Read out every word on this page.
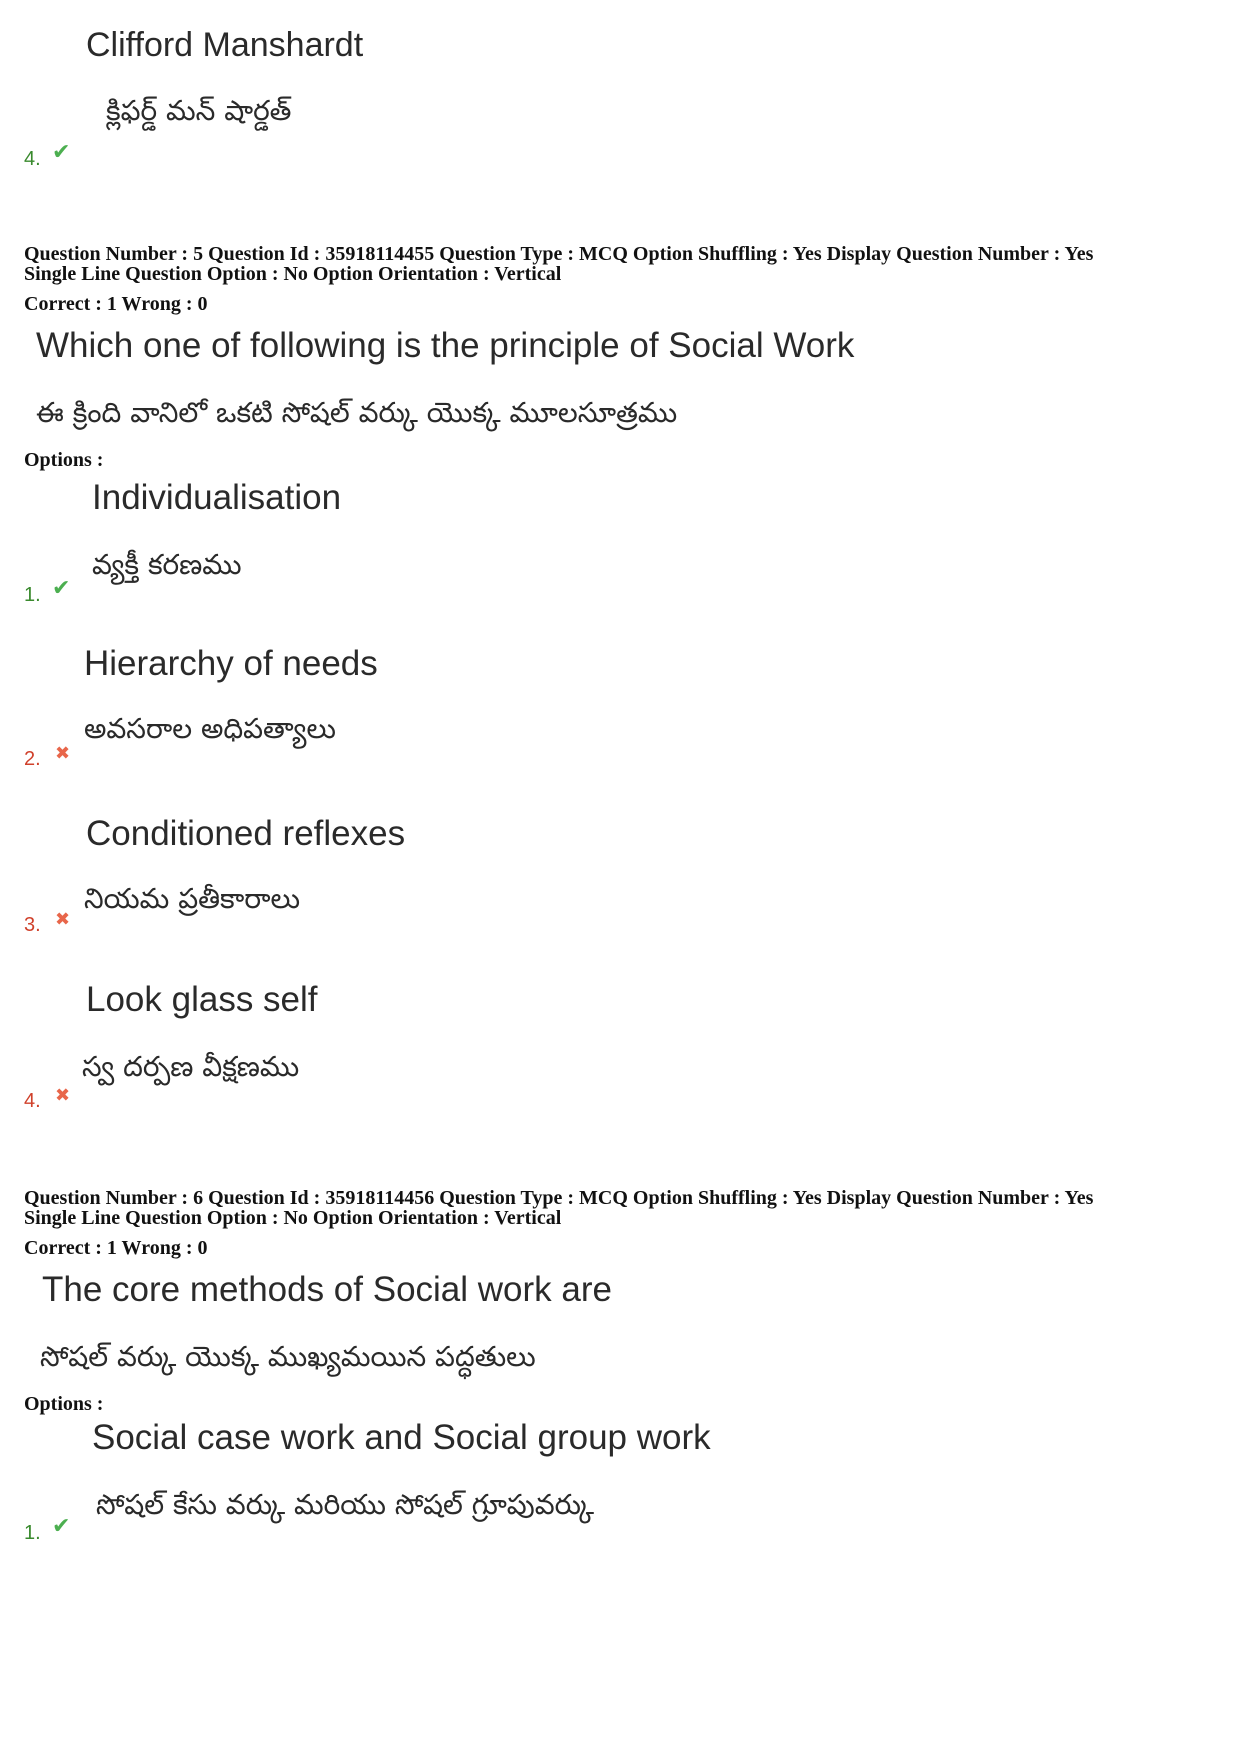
Clifford Manshardt
క్లిఫర్డ్ మన్ షార్డత్
4. ✔
Question Number : 5 Question Id : 35918114455 Question Type : MCQ Option Shuffling : Yes Display Question Number : Yes
Single Line Question Option : No Option Orientation : Vertical
Correct : 1 Wrong : 0
Which one of following is the principle of Social Work
ఈ క్రింది వానిలో ఒకటి సోషల్ వర్కు యొక్క మూలసూత్రము
Options :
Individualisation
వ్యక్తీ కరణము
1. ✔
Hierarchy of needs
అవసరాల అధిపత్యాలు
2. ✖
Conditioned reflexes
నియమ ప్రతీకారాలు
3. ✖
Look glass self
స్వ దర్పణ వీక్షణము
4. ✖
Question Number : 6 Question Id : 35918114456 Question Type : MCQ Option Shuffling : Yes Display Question Number : Yes
Single Line Question Option : No Option Orientation : Vertical
Correct : 1 Wrong : 0
The core methods of Social work are
సోషల్ వర్కు యొక్క ముఖ్యమయిన పద్ధతులు
Options :
Social case work and Social group work
సోషల్ కేసు వర్కు మరియు సోషల్ గ్రూపువర్కు
1. ✔
